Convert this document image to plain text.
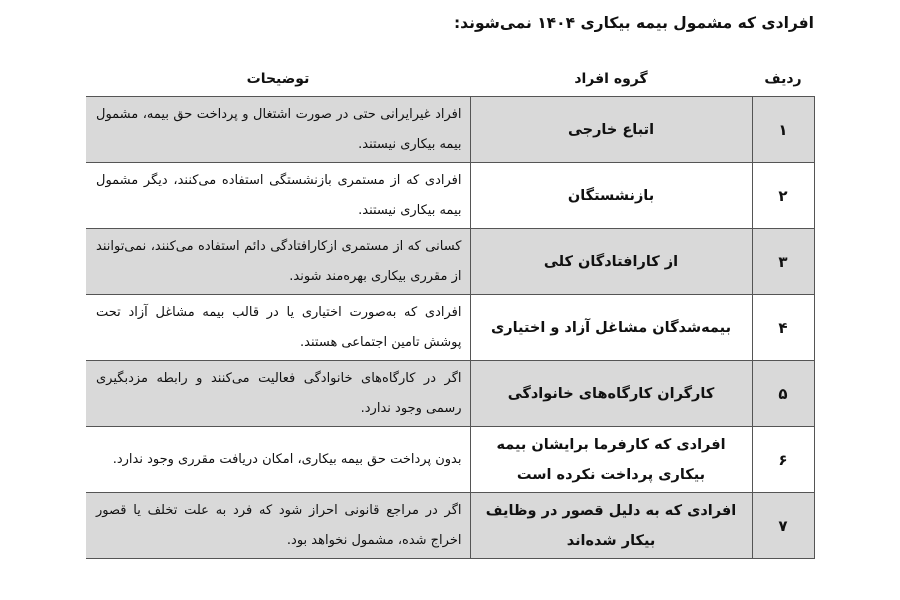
افرادی که مشمول بیمه بیکاری ۱۴۰۴ نمی‌شوند:
ردیف	گروه افراد	توضیحات
۱	اتباع خارجی	افراد غیرایرانی حتی در صورت اشتغال و پرداخت حق بیمه، مشمول بیمه بیکاری نیستند.
۲	بازنشستگان	افرادی که از مستمری بازنشستگی استفاده می‌کنند، دیگر مشمول بیمه بیکاری نیستند.
۳	از کارافتادگان کلی	کسانی که از مستمری ازکارافتادگی دائم استفاده می‌کنند، نمی‌توانند از مقرری بیکاری بهره‌مند شوند.
۴	بیمه‌شدگان مشاغل آزاد و اختیاری	افرادی که به‌صورت اختیاری یا در قالب بیمه مشاغل آزاد تحت پوشش تامین اجتماعی هستند.
۵	کارگران کارگاه‌های خانوادگی	اگر در کارگاه‌های خانوادگی فعالیت می‌کنند و رابطه مزدبگیری رسمی وجود ندارد.
۶	افرادی که کارفرما برایشان بیمه بیکاری پرداخت نکرده است	بدون پرداخت حق بیمه بیکاری، امکان دریافت مقرری وجود ندارد.
۷	افرادی که به دلیل قصور در وظایف بیکار شده‌اند	اگر در مراجع قانونی احراز شود که فرد به علت تخلف یا قصور اخراج شده، مشمول نخواهد بود.
